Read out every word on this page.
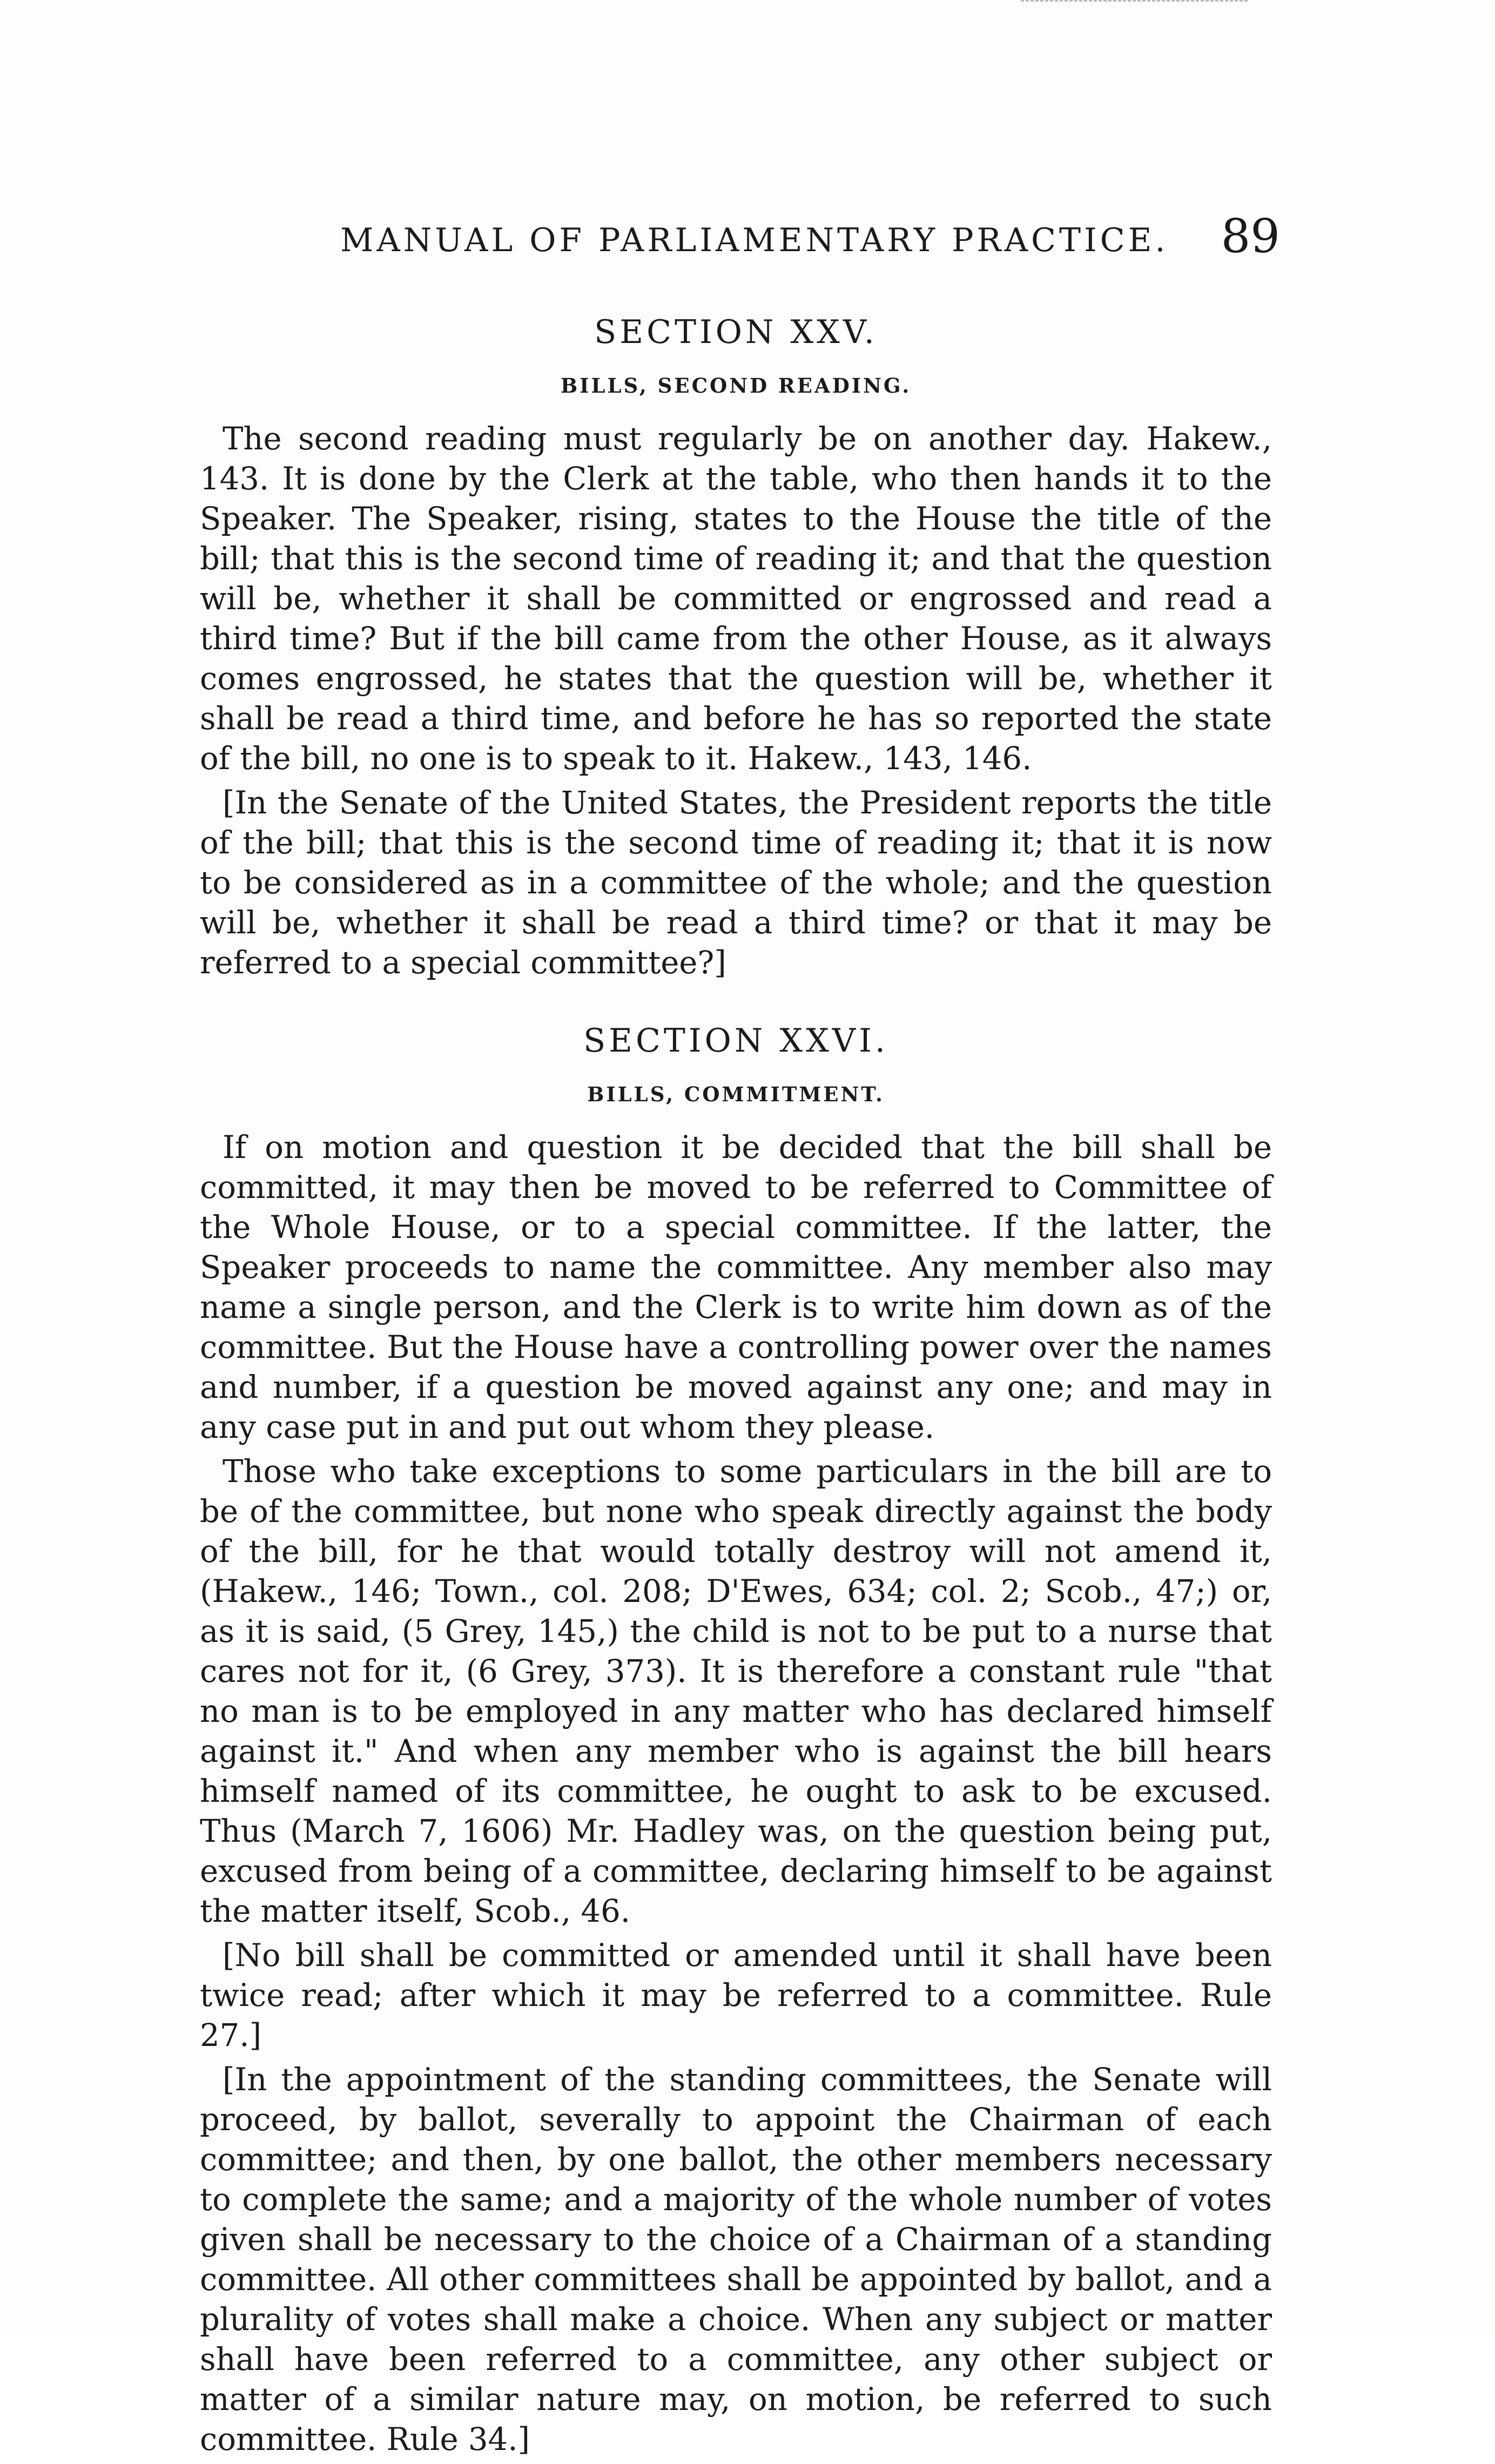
MANUAL OF PARLIAMENTARY PRACTICE. 89
SECTION XXV.
BILLS, SECOND READING.

The second reading must regularly be on another day. Hakew., 143. It is done by the Clerk at the table, who then hands it to the Speaker. The Speaker, rising, states to the House the title of the bill; that this is the second time of reading it; and that the question will be, whether it shall be committed or engrossed and read a third time? But if the bill came from the other House, as it always comes engrossed, he states that the question will be, whether it shall be read a third time, and before he has so reported the state of the bill, no one is to speak to it. Hakew., 143, 146.

[In the Senate of the United States, the President reports the title of the bill; that this is the second time of reading it; that it is now to be considered as in a committee of the whole; and the question will be, whether it shall be read a third time? or that it may be referred to a special committee?]

SECTION XXVI.
BILLS, COMMITMENT.

If on motion and question it be decided that the bill shall be committed, it may then be moved to be referred to Committee of the Whole House, or to a special committee. If the latter, the Speaker proceeds to name the committee. Any member also may name a single person, and the Clerk is to write him down as of the committee. But the House have a controlling power over the names and number, if a question be moved against any one; and may in any case put in and put out whom they please.

Those who take exceptions to some particulars in the bill are to be of the committee, but none who speak directly against the body of the bill, for he that would totally destroy will not amend it, (Hakew., 146; Town., col. 208; D'Ewes, 634; col. 2; Scob., 47;) or, as it is said, (5 Grey, 145,) the child is not to be put to a nurse that cares not for it, (6 Grey, 373). It is therefore a constant rule "that no man is to be employed in any matter who has declared himself against it." And when any member who is against the bill hears himself named of its committee, he ought to ask to be excused. Thus (March 7, 1606) Mr. Hadley was, on the question being put, excused from being of a committee, declaring himself to be against the matter itself, Scob., 46.

[No bill shall be committed or amended until it shall have been twice read; after which it may be referred to a committee. Rule 27.]

[In the appointment of the standing committees, the Senate will proceed, by ballot, severally to appoint the Chairman of each committee; and then, by one ballot, the other members necessary to complete the same; and a majority of the whole number of votes given shall be necessary to the choice of a Chairman of a standing committee. All other committees shall be appointed by ballot, and a plurality of votes shall make a choice. When any subject or matter shall have been referred to a committee, any other subject or matter of a similar nature may, on motion, be referred to such committee. Rule 34.]
